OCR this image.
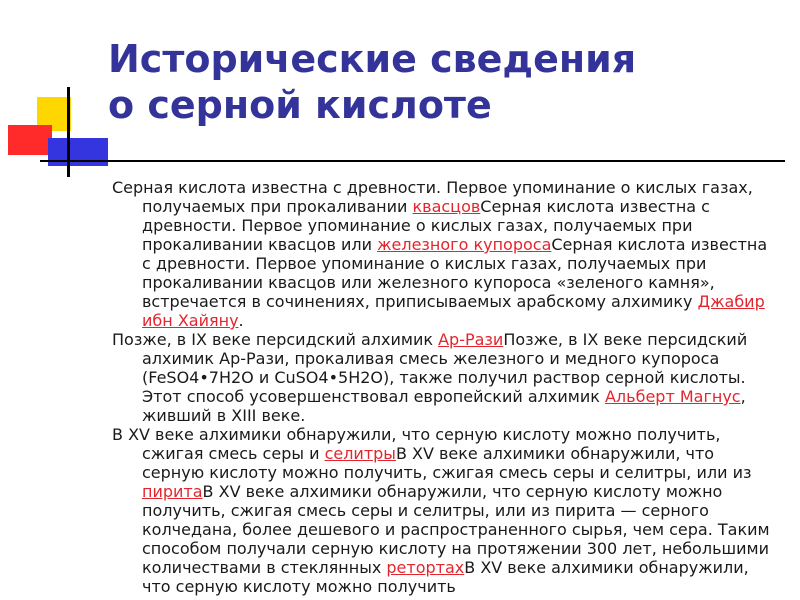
Исторические сведения
о серной кислоте

Серная кислота известна с древности. Первое упоминание о кислых газах, получаемых при прокаливании квасцовСерная кислота известна с древности. Первое упоминание о кислых газах, получаемых при прокаливании квасцов или железного купоросаСерная кислота известна с древности. Первое упоминание о кислых газах, получаемых при прокаливании квасцов или железного купороса «зеленого камня», встречается в сочинениях, приписываемых арабскому алхимику Джабир ибн Хайяну.

Позже, в IX веке персидский алхимик Ар-РазиПозже, в IX веке персидский алхимик Ар-Рази, прокаливая смесь железного и медного купороса (FeSO4•7H2O и CuSO4•5H2O), также получил раствор серной кислоты. Этот способ усовершенствовал европейский алхимик Альберт Магнус, живший в XIII веке.

В XV веке алхимики обнаружили, что серную кислоту можно получить, сжигая смесь серы и селитрыВ XV веке алхимики обнаружили, что серную кислоту можно получить, сжигая смесь серы и селитры, или из пиритаВ XV веке алхимики обнаружили, что серную кислоту можно получить, сжигая смесь серы и селитры, или из пирита — серного колчедана, более дешевого и распространенного сырья, чем сера. Таким способом получали серную кислоту на протяжении 300 лет, небольшими количествами в стеклянных ретортахВ XV веке алхимики обнаружили, что серную кислоту можно получить
